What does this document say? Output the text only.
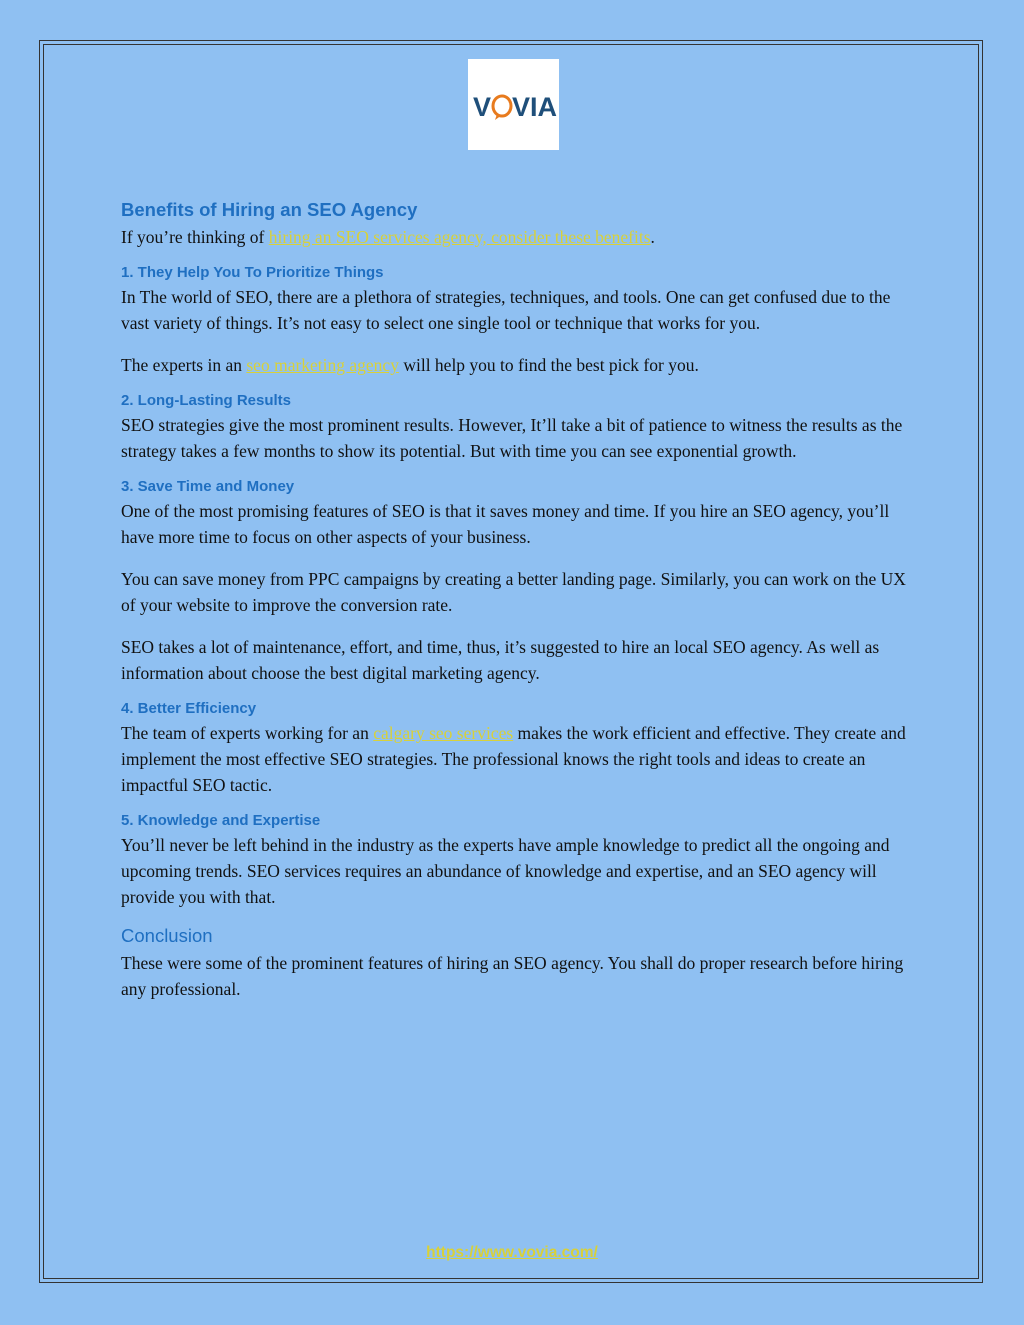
V VIA
Benefits of Hiring an SEO Agency

If you’re thinking of hiring an SEO services agency, consider these benefits.

1. They Help You To Prioritize Things

In The world of SEO, there are a plethora of strategies, techniques, and tools. One can get confused due to the vast variety of things. It’s not easy to select one single tool or technique that works for you.

The experts in an seo marketing agency will help you to find the best pick for you.

2. Long-Lasting Results

SEO strategies give the most prominent results. However, It’ll take a bit of patience to witness the results as the strategy takes a few months to show its potential. But with time you can see exponential growth.

3. Save Time and Money

One of the most promising features of SEO is that it saves money and time. If you hire an SEO agency, you’ll have more time to focus on other aspects of your business.

You can save money from PPC campaigns by creating a better landing page. Similarly, you can work on the UX of your website to improve the conversion rate.

SEO takes a lot of maintenance, effort, and time, thus, it’s suggested to hire an local SEO agency. As well as information about choose the best digital marketing agency.

4. Better Efficiency

The team of experts working for an calgary seo services makes the work efficient and effective. They create and implement the most effective SEO strategies. The professional knows the right tools and ideas to create an impactful SEO tactic.

5. Knowledge and Expertise

You’ll never be left behind in the industry as the experts have ample knowledge to predict all the ongoing and upcoming trends. SEO services requires an abundance of knowledge and expertise, and an SEO agency will provide you with that.

Conclusion

These were some of the prominent features of hiring an SEO agency. You shall do proper research before hiring any professional.

https://www.vovia.com/
